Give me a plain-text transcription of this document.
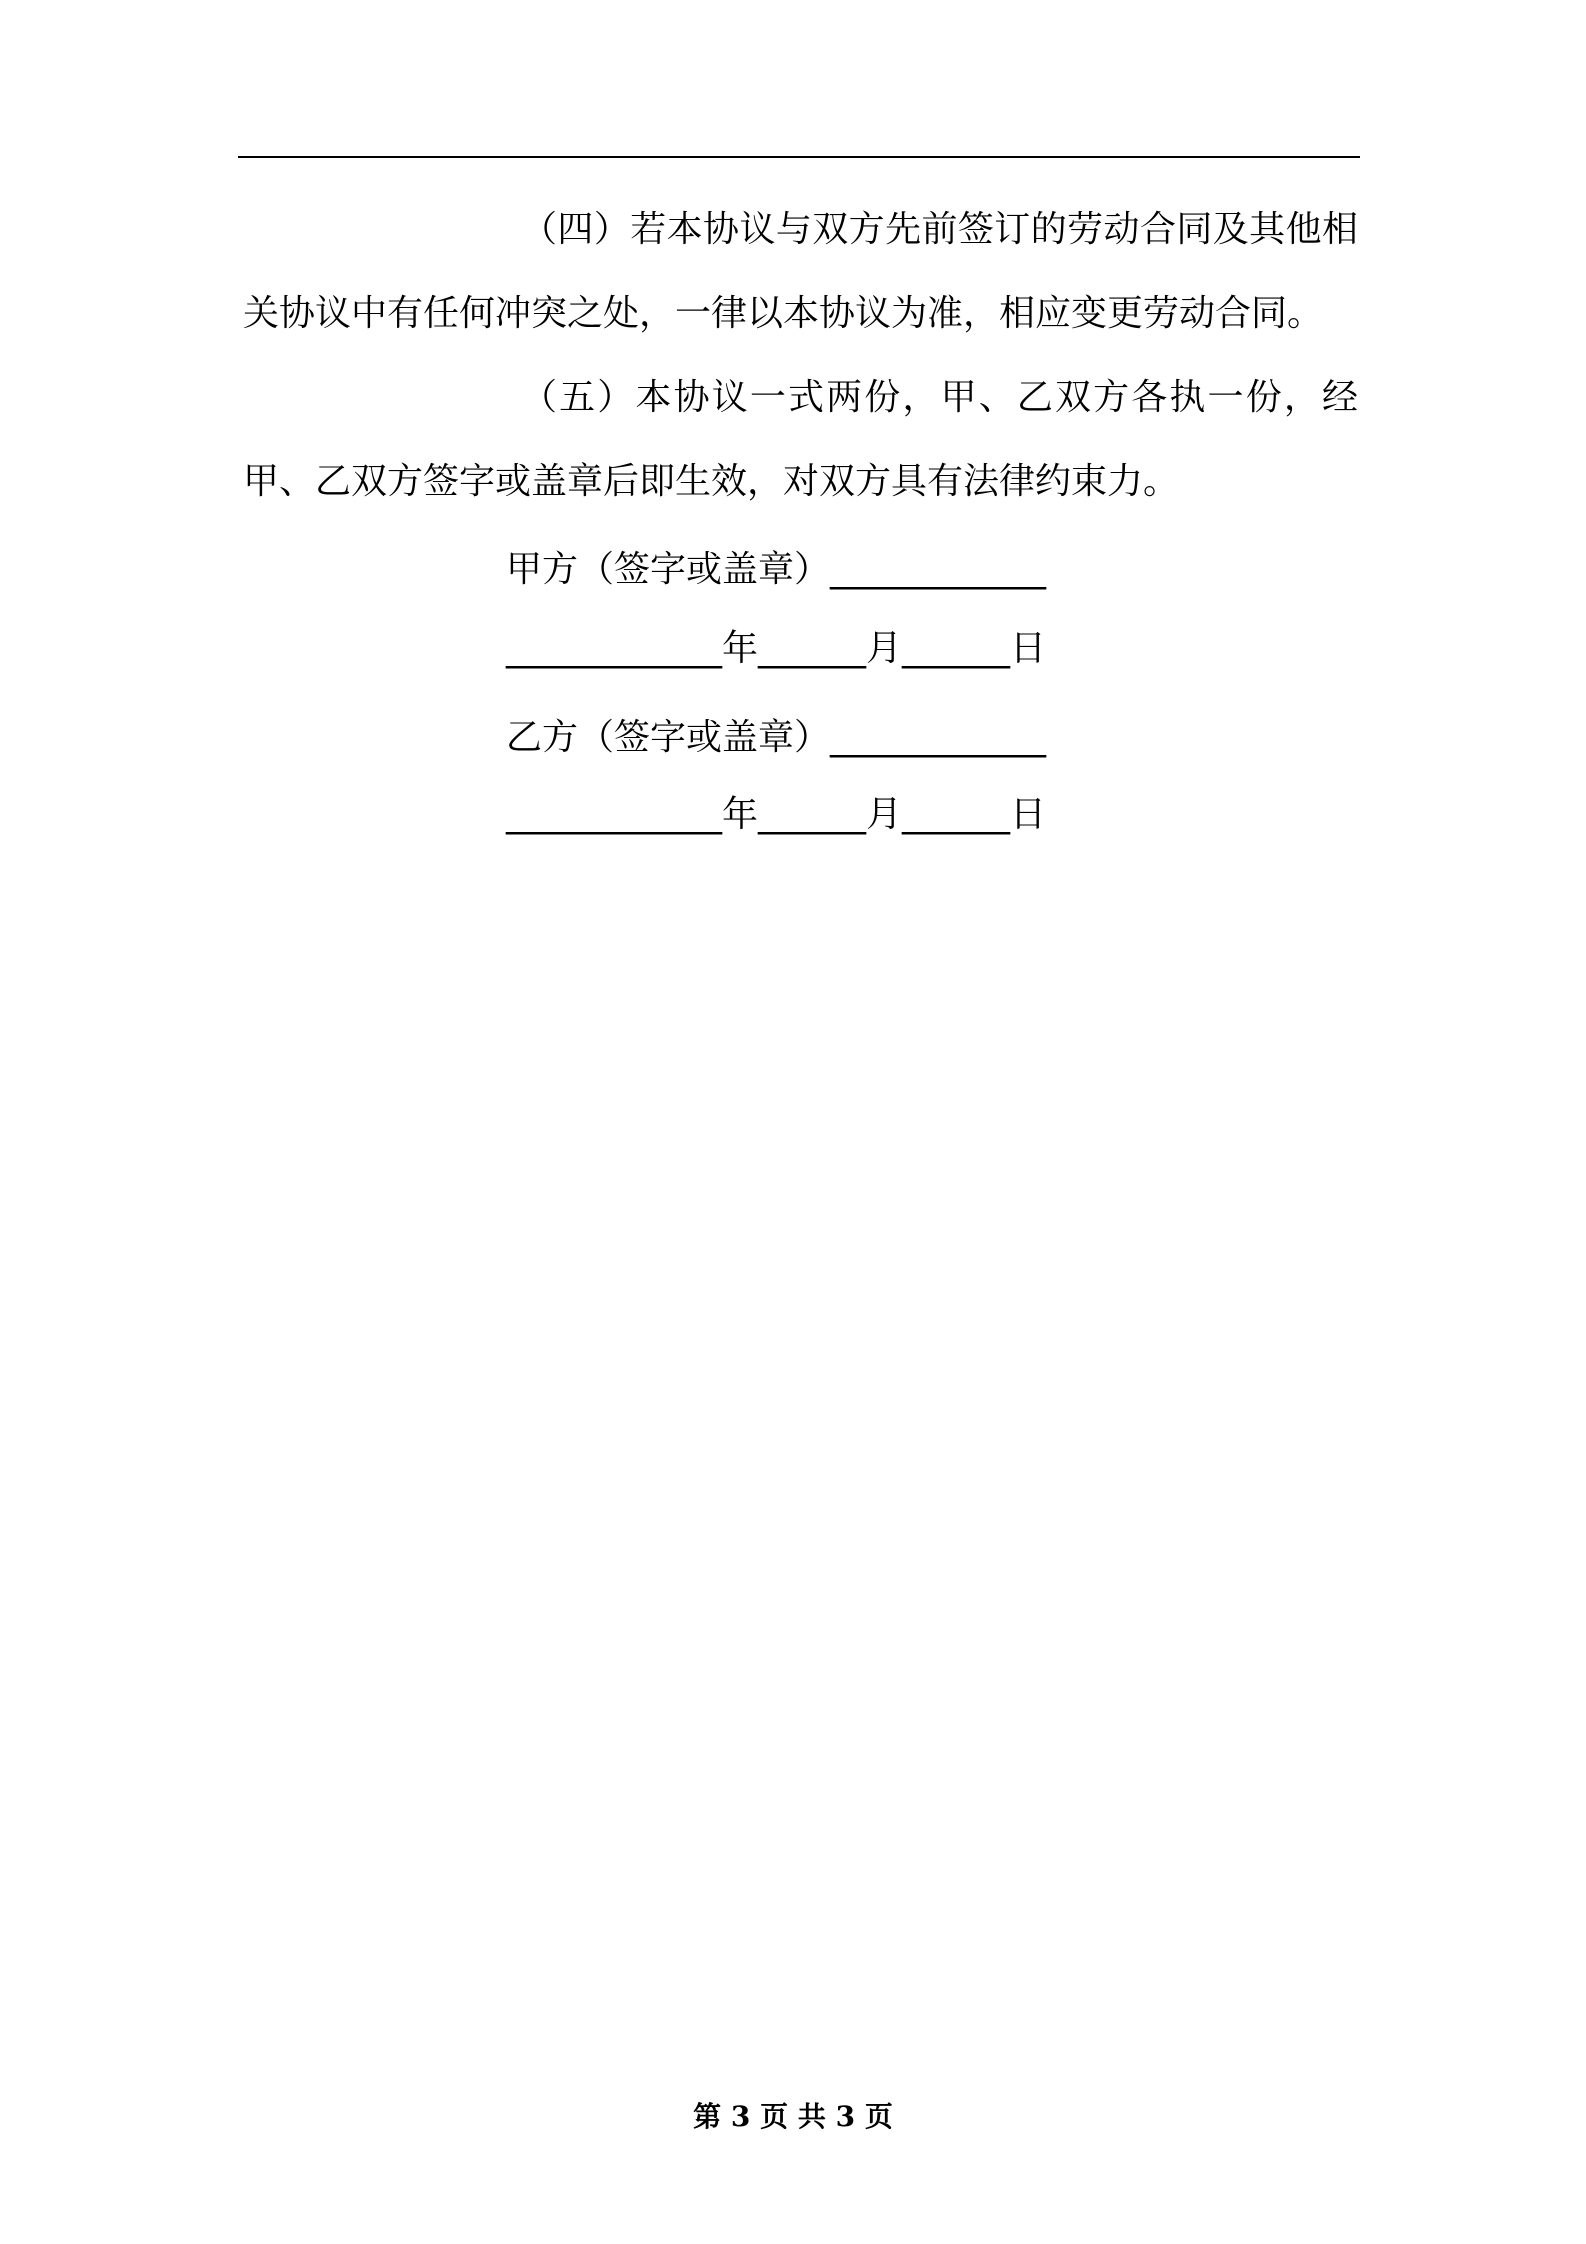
（四）若本协议与双方先前签订的劳动合同及其他相关协议中有任何冲突之处，一律以本协议为准，相应变更劳动合同。

（五）本协议一式两份，甲、乙双方各执一份，经甲、乙双方签字或盖章后即生效，对双方具有法律约束力。

甲方（签字或盖章）____________
____________年______月______日
乙方（签字或盖章）____________
____________年______月______日
第 3 页 共 3 页
